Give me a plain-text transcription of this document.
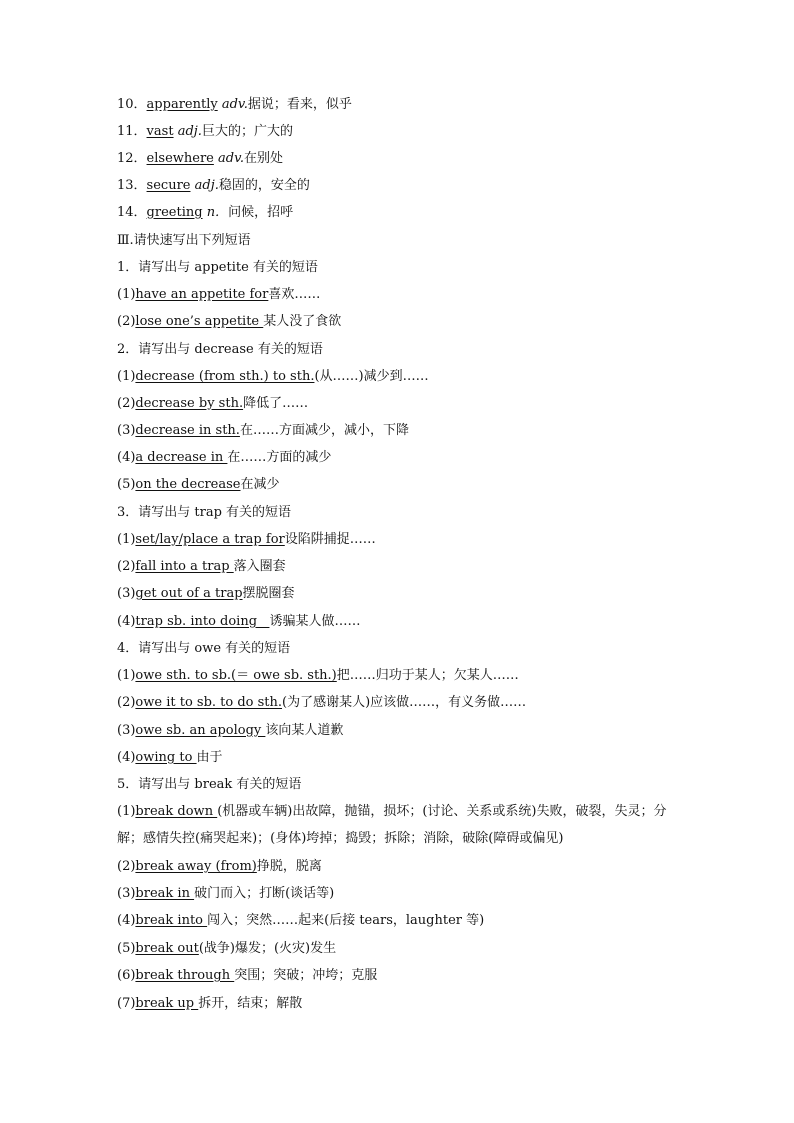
10．apparently adv.据说；看来，似乎
11．vast adj.巨大的；广大的
12．elsewhere adv.在别处
13．secure adj.稳固的，安全的
14．greeting n．问候，招呼
Ⅲ.请快速写出下列短语
1．请写出与 appetite 有关的短语
(1)have an appetite for喜欢……
(2)lose one’s appetite 某人没了食欲
2．请写出与 decrease 有关的短语
(1)decrease (from sth.) to sth.(从……)减少到……
(2)decrease by sth.降低了……
(3)decrease in sth.在……方面减少，减小，下降
(4)a decrease in 在……方面的减少
(5)on the decrease在减少
3．请写出与 trap 有关的短语
(1)set/lay/place a trap for设陷阱捕捉……
(2)fall into a trap 落入圈套
(3)get out of a trap摆脱圈套
(4)trap sb. into doing   诱骗某人做……
4．请写出与 owe 有关的短语
(1)owe sth. to sb.(＝ owe sb. sth.)把……归功于某人；欠某人……
(2)owe it to sb. to do sth.(为了感谢某人)应该做……，有义务做……
(3)owe sb. an apology 该向某人道歉
(4)owing to 由于
5．请写出与 break 有关的短语
(1)break down (机器或车辆)出故障，抛锚，损坏；(讨论、关系或系统)失败，破裂，失灵；分解；感情失控(痛哭起来)；(身体)垮掉；捣毁；拆除；消除，破除(障碍或偏见)
(2)break away (from)挣脱，脱离
(3)break in 破门而入；打断(谈话等)
(4)break into 闯入；突然……起来(后接 tears，laughter 等)
(5)break out(战争)爆发；(火灾)发生
(6)break through 突围；突破；冲垮；克服
(7)break up 拆开，结束；解散
